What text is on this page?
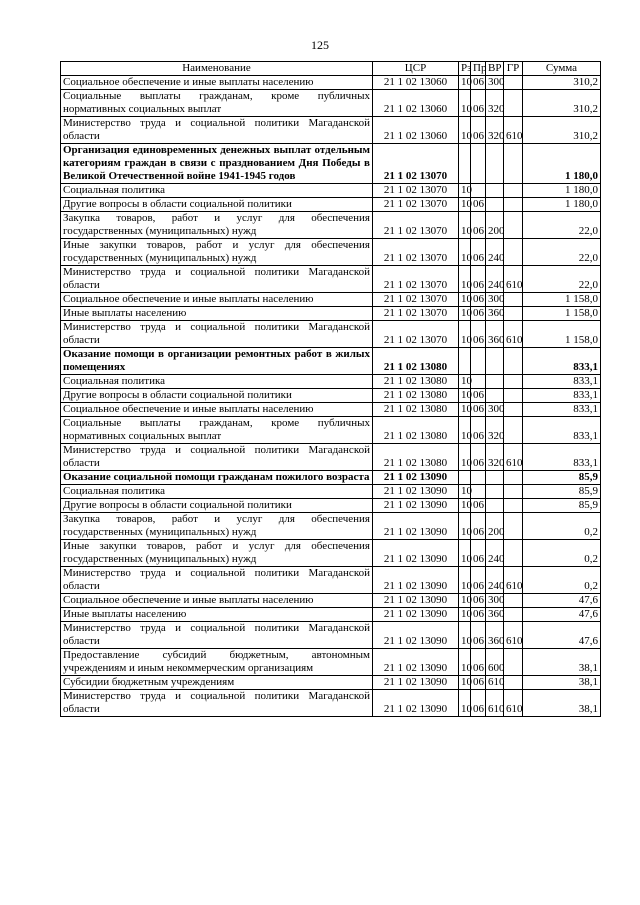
125
Наименование	ЦСР	Рз	Пр	ВР	ГР	Сумма
Социальное обеспечение и иные выплаты населению	21 1 02 13060	10	06	300		310,2
Социальные выплаты гражданам, кроме публичных нормативных социальных выплат	21 1 02 13060	10	06	320		310,2
Министерство труда и социальной политики Магаданской области	21 1 02 13060	10	06	320	610	310,2
Организация единовременных денежных выплат отдельным категориям граждан в связи с празднованием Дня Победы в Великой Отечественной войне 1941-1945 годов	21 1 02 13070					1 180,0
Социальная политика	21 1 02 13070	10				1 180,0
Другие вопросы в области социальной политики	21 1 02 13070	10	06			1 180,0
Закупка товаров, работ и услуг для обеспечения государственных (муниципальных) нужд	21 1 02 13070	10	06	200		22,0
Иные закупки товаров, работ и услуг для обеспечения государственных (муниципальных) нужд	21 1 02 13070	10	06	240		22,0
Министерство труда и социальной политики Магаданской области	21 1 02 13070	10	06	240	610	22,0
Социальное обеспечение и иные выплаты населению	21 1 02 13070	10	06	300		1 158,0
Иные выплаты населению	21 1 02 13070	10	06	360		1 158,0
Министерство труда и социальной политики Магаданской области	21 1 02 13070	10	06	360	610	1 158,0
Оказание помощи в организации ремонтных работ в жилых помещениях	21 1 02 13080					833,1
Социальная политика	21 1 02 13080	10				833,1
Другие вопросы в области социальной политики	21 1 02 13080	10	06			833,1
Социальное обеспечение и иные выплаты населению	21 1 02 13080	10	06	300		833,1
Социальные выплаты гражданам, кроме публичных нормативных социальных выплат	21 1 02 13080	10	06	320		833,1
Министерство труда и социальной политики Магаданской области	21 1 02 13080	10	06	320	610	833,1
Оказание социальной помощи гражданам пожилого возраста	21 1 02 13090					85,9
Социальная политика	21 1 02 13090	10				85,9
Другие вопросы в области социальной политики	21 1 02 13090	10	06			85,9
Закупка товаров, работ и услуг для обеспечения государственных (муниципальных) нужд	21 1 02 13090	10	06	200		0,2
Иные закупки товаров, работ и услуг для обеспечения государственных (муниципальных) нужд	21 1 02 13090	10	06	240		0,2
Министерство труда и социальной политики Магаданской области	21 1 02 13090	10	06	240	610	0,2
Социальное обеспечение и иные выплаты населению	21 1 02 13090	10	06	300		47,6
Иные выплаты населению	21 1 02 13090	10	06	360		47,6
Министерство труда и социальной политики Магаданской области	21 1 02 13090	10	06	360	610	47,6
Предоставление субсидий бюджетным, автономным учреждениям и иным некоммерческим организациям	21 1 02 13090	10	06	600		38,1
Субсидии бюджетным учреждениям	21 1 02 13090	10	06	610		38,1
Министерство труда и социальной политики Магаданской области	21 1 02 13090	10	06	610	610	38,1
